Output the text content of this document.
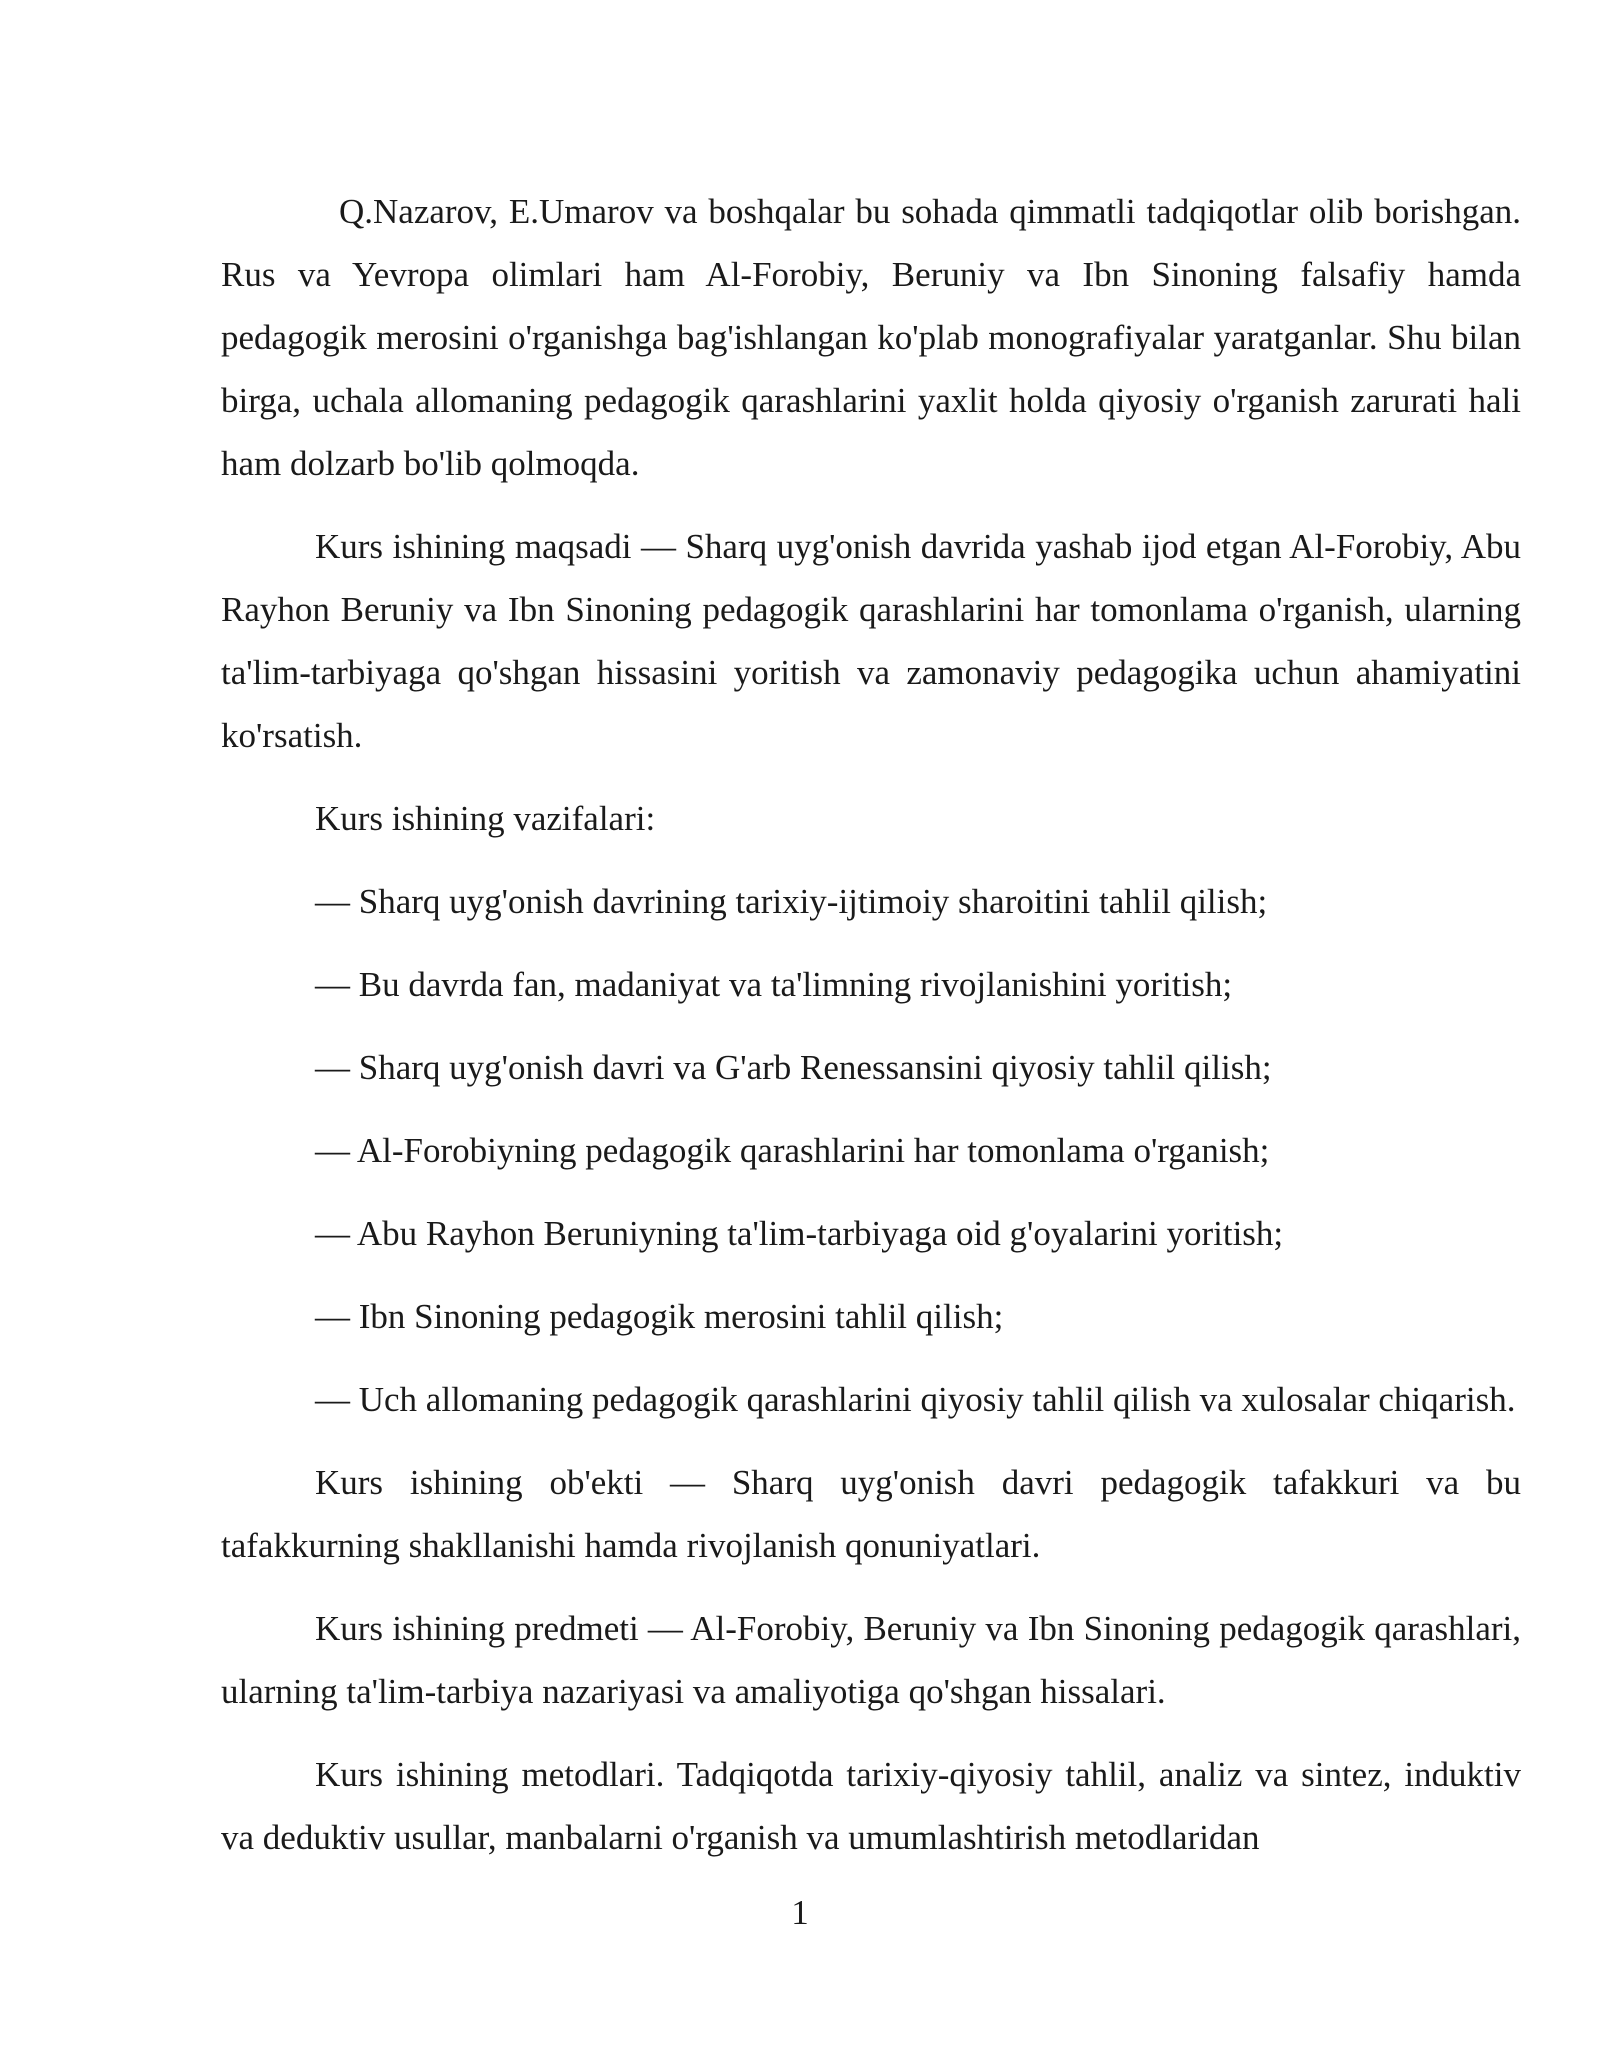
Q.Nazarov, E.Umarov va boshqalar bu sohada qimmatli tadqiqotlar olib borishgan. Rus va Yevropa olimlari ham Al-Forobiy, Beruniy va Ibn Sinoning falsafiy hamda pedagogik merosini o'rganishga bag'ishlangan ko'plab monografiyalar yaratganlar. Shu bilan birga, uchala allomaning pedagogik qarashlarini yaxlit holda qiyosiy o'rganish zarurati hali ham dolzarb bo'lib qolmoqda.

Kurs ishining maqsadi — Sharq uyg'onish davrida yashab ijod etgan Al-Forobiy, Abu Rayhon Beruniy va Ibn Sinoning pedagogik qarashlarini har tomonlama o'rganish, ularning ta'lim-tarbiyaga qo'shgan hissasini yoritish va zamonaviy pedagogika uchun ahamiyatini ko'rsatish.

Kurs ishining vazifalari:

— Sharq uyg'onish davrining tarixiy-ijtimoiy sharoitini tahlil qilish;

— Bu davrda fan, madaniyat va ta'limning rivojlanishini yoritish;

— Sharq uyg'onish davri va G'arb Renessansini qiyosiy tahlil qilish;

— Al-Forobiyning pedagogik qarashlarini har tomonlama o'rganish;

— Abu Rayhon Beruniyning ta'lim-tarbiyaga oid g'oyalarini yoritish;

— Ibn Sinoning pedagogik merosini tahlil qilish;

— Uch allomaning pedagogik qarashlarini qiyosiy tahlil qilish va xulosalar chiqarish.

Kurs ishining ob'ekti — Sharq uyg'onish davri pedagogik tafakkuri va bu tafakkurning shakllanishi hamda rivojlanish qonuniyatlari.

Kurs ishining predmeti — Al-Forobiy, Beruniy va Ibn Sinoning pedagogik qarashlari, ularning ta'lim-tarbiya nazariyasi va amaliyotiga qo'shgan hissalari.

Kurs ishining metodlari. Tadqiqotda tarixiy-qiyosiy tahlil, analiz va sintez, induktiv va deduktiv usullar, manbalarni o'rganish va umumlashtirish metodlaridan

1
